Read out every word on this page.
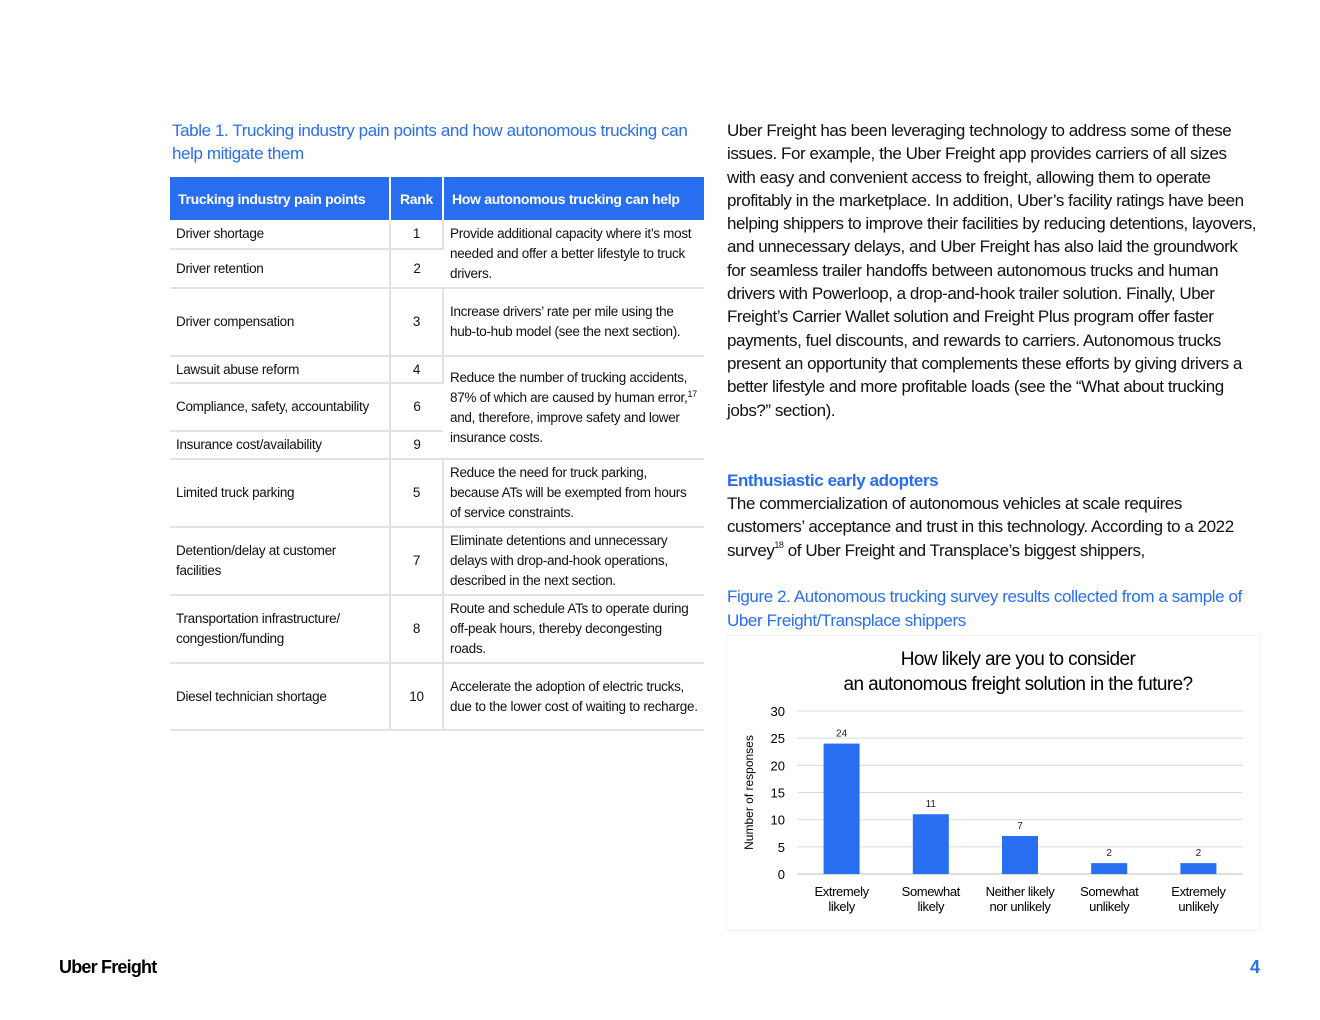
Table 1. Trucking industry pain points and how autonomous trucking can help mitigate them
Trucking industry pain points	Rank	How autonomous trucking can help
Driver shortage	1	Provide additional capacity where it’s most needed and offer a better lifestyle to truck drivers.
Driver retention	2	
Driver compensation	3	Increase drivers’ rate per mile using the hub-to-hub model (see the next section).
Lawsuit abuse reform	4	Reduce the number of trucking accidents, 87% of which are caused by human error,$^{17}$ and, therefore, improve safety and lower insurance costs.
Compliance, safety, accountability	6	
Insurance cost/availability	9	
Limited truck parking	5	Reduce the need for truck parking, because ATs will be exempted from hours of service constraints.
Detention/delay at customer facilities	7	Eliminate detentions and unnecessary delays with drop-and-hook operations, described in the next section.
Transportation infrastructure/ congestion/funding	8	Route and schedule ATs to operate during off-peak hours, thereby decongesting roads.
Diesel technician shortage	10	Accelerate the adoption of electric trucks, due to the lower cost of waiting to recharge.

Uber Freight has been leveraging technology to address some of these issues. For example, the Uber Freight app provides carriers of all sizes with easy and convenient access to freight, allowing them to operate profitably in the marketplace. In addition, Uber’s facility ratings have been helping shippers to improve their facilities by reducing detentions, layovers, and unnecessary delays, and Uber Freight has also laid the groundwork for seamless trailer handoffs between autonomous trucks and human drivers with Powerloop, a drop-and-hook trailer solution. Finally, Uber Freight’s Carrier Wallet solution and Freight Plus program offer faster payments, fuel discounts, and rewards to carriers. Autonomous trucks present an opportunity that complements these efforts by giving drivers a better lifestyle and more profitable loads (see the “What about trucking jobs?” section).

Enthusiastic early adopters
The commercialization of autonomous vehicles at scale requires customers’ acceptance and trust in this technology. According to a 2022 survey$^{18}$ of Uber Freight and Transplace’s biggest shippers,
Figure 2. Autonomous trucking survey results collected from a sample of Uber Freight/Transplace shippers
How likely are you to consider an autonomous freight solution in the future?
0
5
10
15
20
25
30
Number of responses
24
Extremely
likely
11
Somewhat
likely
7
Neither likely
nor unlikely
2
Somewhat
unlikely
2
Extremely
unlikely
Uber Freight	4
